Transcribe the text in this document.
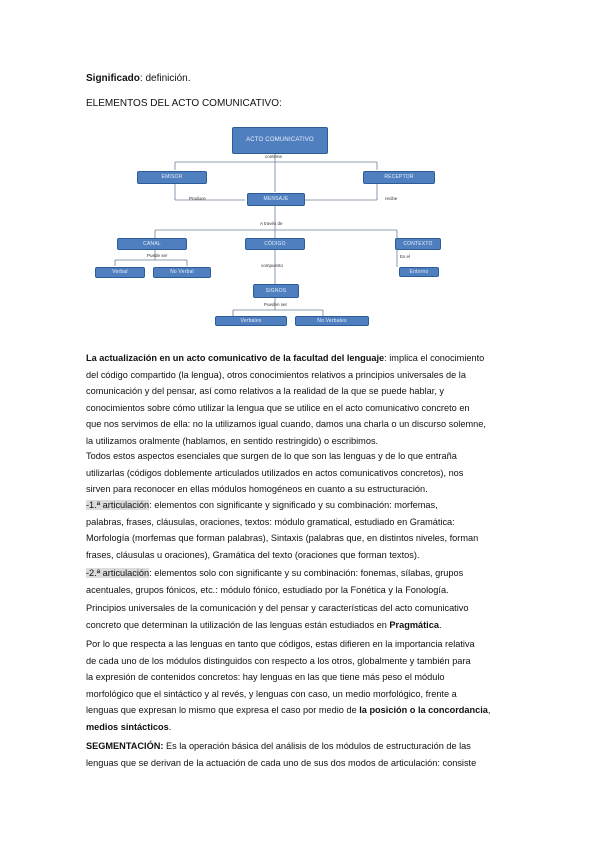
Significado: definición.
ELEMENTOS DEL ACTO COMUNICATIVO:
ACTO COMUNICATIVO
contiene
EMISOR	RECEPTOR
Produce	recibe
MENSAJE
A través de
CANAL	CÓDIGO	CONTEXTO
Puede ser
compuesto
Es el
Verbal	No Verbal	Entorno
SIGNOS
Pueden ser
Verbales	No Verbales
La actualización en un acto comunicativo de la facultad del lenguaje: implica el conocimiento
del código compartido (la lengua), otros conocimientos relativos a principios universales de la
comunicación y del pensar, así como relativos a la realidad de la que se puede hablar, y
conocimientos sobre cómo utilizar la lengua que se utilice en el acto comunicativo concreto en
que nos servimos de ella: no la utilizamos igual cuando, damos una charla o un discurso solemne,
la utilizamos oralmente (hablamos, en sentido restringido) o escribimos.
Todos estos aspectos esenciales que surgen de lo que son las lenguas y de lo que entraña
utilizarlas (códigos doblemente articulados utilizados en actos comunicativos concretos), nos
sirven para reconocer en ellas módulos homogéneos en cuanto a su estructuración.
-1.ª articulación: elementos con significante y significado y su combinación: morfemas,
palabras, frases, cláusulas, oraciones, textos: módulo gramatical, estudiado en Gramática:
Morfología (morfemas que forman palabras), Sintaxis (palabras que, en distintos niveles, forman
frases, cláusulas u oraciones), Gramática del texto (oraciones que forman textos).
-2.ª articulación: elementos solo con significante y su combinación: fonemas, sílabas, grupos
acentuales, grupos fónicos, etc.: módulo fónico, estudiado por la Fonética y la Fonología.
Principios universales de la comunicación y del pensar y características del acto comunicativo
concreto que determinan la utilización de las lenguas están estudiados en Pragmática.
Por lo que respecta a las lenguas en tanto que códigos, estas difieren en la importancia relativa
de cada uno de los módulos distinguidos con respecto a los otros, globalmente y también para
la expresión de contenidos concretos: hay lenguas en las que tiene más peso el módulo
morfológico que el sintáctico y al revés, y lenguas con caso, un medio morfológico, frente a
lenguas que expresan lo mismo que expresa el caso por medio de la posición o la concordancia,
medios sintácticos.
SEGMENTACIÓN: Es la operación básica del análisis de los módulos de estructuración de las
lenguas que se derivan de la actuación de cada uno de sus dos modos de articulación: consiste
